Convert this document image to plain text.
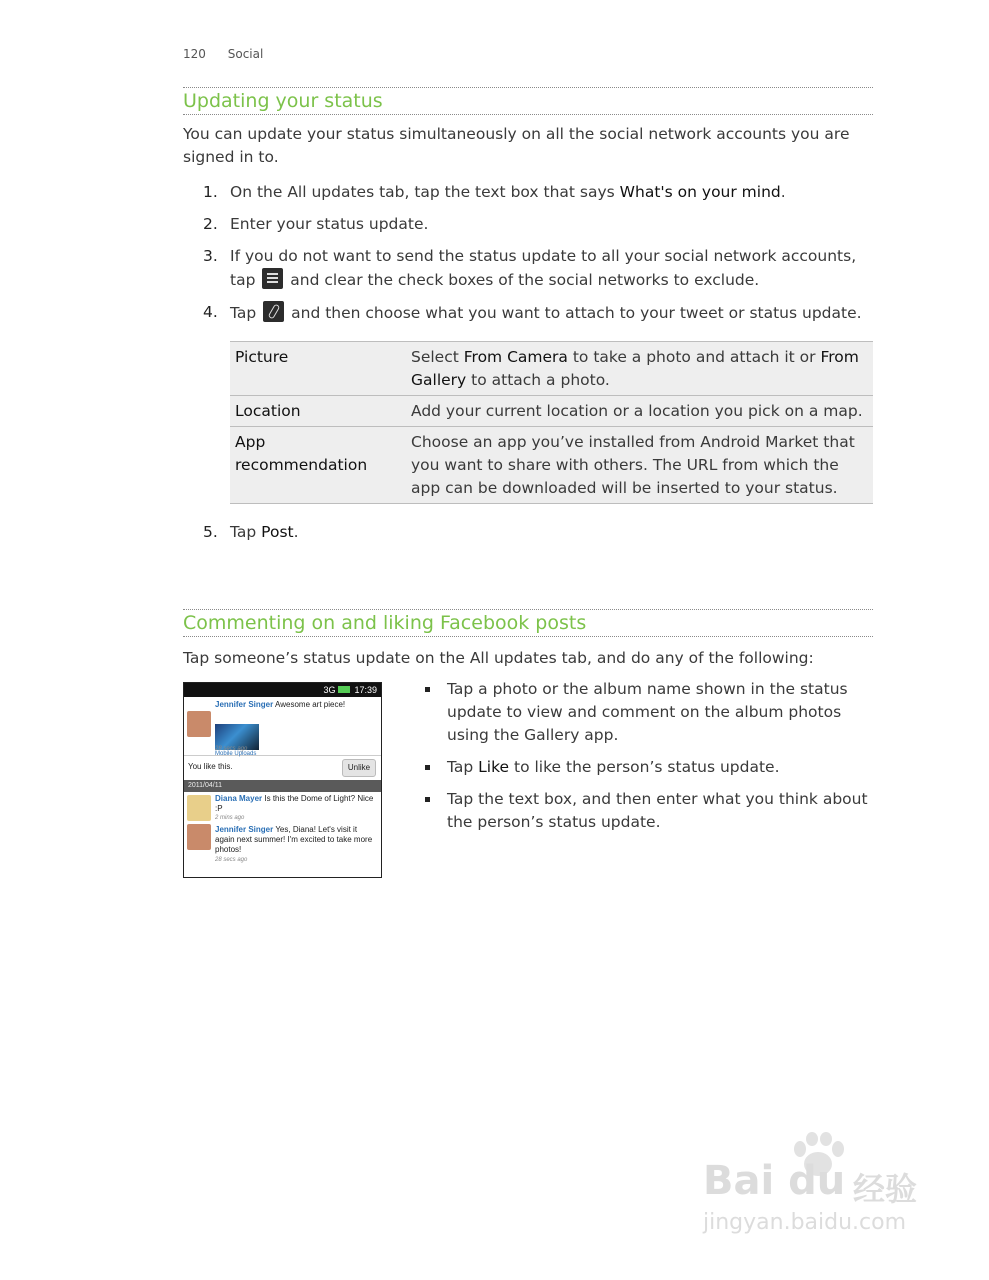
120 Social
Updating your status

You can update your status simultaneously on all the social network accounts you are signed in to.

1. On the All updates tab, tap the text box that says What's on your mind.
2. Enter your status update.
3. If you do not want to send the status update to all your social network accounts, tap and clear the check boxes of the social networks to exclude.
4. Tap and then choose what you want to attach to your tweet or status update.
Picture	Select From Camera to take a photo and attach it or From Gallery to attach a photo.
Location	Add your current location or a location you pick on a map.
App recommendation	Choose an app you’ve installed from Android Market that you want to share with others. The URL from which the app can be downloaded will be inserted to your status.
5. Tap Post.
Commenting on and liking Facebook posts

Tap someone’s status update on the All updates tab, and do any of the following:

3G 17:39
Jennifer Singer Awesome art piece!
Mobile Uploads
28 secs ago
You like this.	Unlike
2011/04/11
Diana Mayer Is this the Dome of Light? Nice :P
2 mins ago
Jennifer Singer Yes, Diana! Let's visit it again next summer! I'm excited to take more photos!
28 secs ago
Tap a photo or the album name shown in the status update to view and comment on the album photos using the Gallery app.
Tap Like to like the person’s status update.
Tap the text box, and then enter what you think about the person’s status update.
Bai du 经验
jingyan.baidu.com
